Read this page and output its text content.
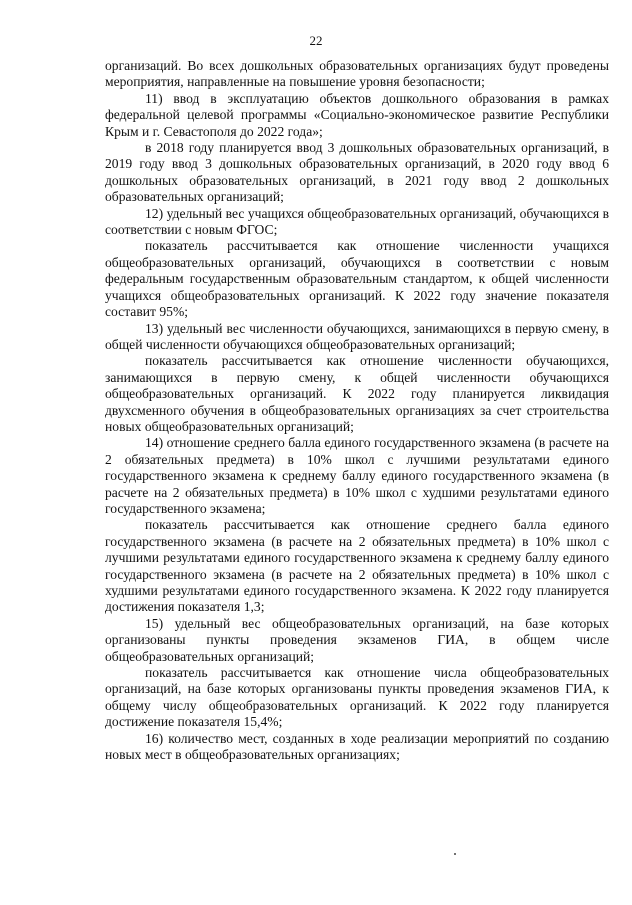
22

организаций. Во всех дошкольных образовательных организациях будут проведены мероприятия, направленные на повышение уровня безопасности;

11) ввод в эксплуатацию объектов дошкольного образования в рамках федеральной целевой программы «Социально-экономическое развитие Республики Крым и г. Севастополя до 2022 года»;

в 2018 году планируется ввод 3 дошкольных образовательных организаций, в 2019 году ввод 3 дошкольных образовательных организаций, в 2020 году ввод 6 дошкольных образовательных организаций, в 2021 году ввод 2 дошкольных образовательных организаций;

12) удельный вес учащихся общеобразовательных организаций, обучающихся в соответствии с новым ФГОС;

показатель рассчитывается как отношение численности учащихся общеобразовательных организаций, обучающихся в соответствии с новым федеральным государственным образовательным стандартом, к общей численности учащихся общеобразовательных организаций. К 2022 году значение показателя составит 95%;

13) удельный вес численности обучающихся, занимающихся в первую смену, в общей численности обучающихся общеобразовательных организаций;

показатель рассчитывается как отношение численности обучающихся, занимающихся в первую смену, к общей численности обучающихся общеобразовательных организаций. К 2022 году планируется ликвидация двухсменного обучения в общеобразовательных организациях за счет строительства новых общеобразовательных организаций;

14) отношение среднего балла единого государственного экзамена (в расчете на 2 обязательных предмета) в 10% школ с лучшими результатами единого государственного экзамена к среднему баллу единого государственного экзамена (в расчете на 2 обязательных предмета) в 10% школ с худшими результатами единого государственного экзамена;

показатель рассчитывается как отношение среднего балла единого государственного экзамена (в расчете на 2 обязательных предмета) в 10% школ с лучшими результатами единого государственного экзамена к среднему баллу единого государственного экзамена (в расчете на 2 обязательных предмета) в 10% школ с худшими результатами единого государственного экзамена. К 2022 году планируется достижения показателя 1,3;

15) удельный вес общеобразовательных организаций, на базе которых организованы пункты проведения экзаменов ГИА, в общем числе общеобразовательных организаций;

показатель рассчитывается как отношение числа общеобразовательных организаций, на базе которых организованы пункты проведения экзаменов ГИА, к общему числу общеобразовательных организаций. К 2022 году планируется достижение показателя 15,4%;

16) количество мест, созданных в ходе реализации мероприятий по созданию новых мест в общеобразовательных организациях;
